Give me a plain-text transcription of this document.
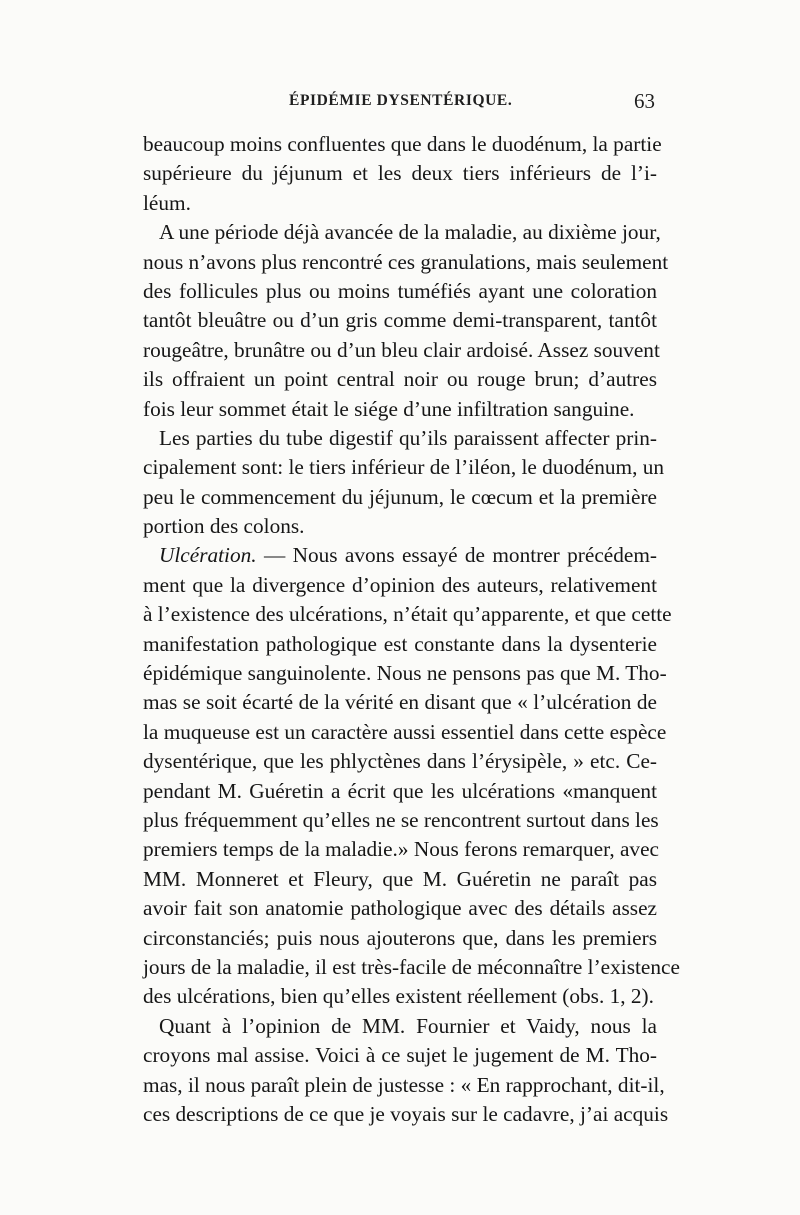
ÉPIDÉMIE DYSENTÉRIQUE.	63
beaucoup moins confluentes que dans le duodénum, la partie
supérieure du jéjunum et les deux tiers inférieurs de l’i-
léum.
A une période déjà avancée de la maladie, au dixième jour,
nous n’avons plus rencontré ces granulations, mais seulement
des follicules plus ou moins tuméfiés ayant une coloration
tantôt bleuâtre ou d’un gris comme demi-transparent, tantôt
rougeâtre, brunâtre ou d’un bleu clair ardoisé. Assez souvent
ils offraient un point central noir ou rouge brun; d’autres
fois leur sommet était le siége d’une infiltration sanguine.
Les parties du tube digestif qu’ils paraissent affecter prin-
cipalement sont: le tiers inférieur de l’iléon, le duodénum, un
peu le commencement du jéjunum, le cœcum et la première
portion des colons.
Ulcération. — Nous avons essayé de montrer précédem-
ment que la divergence d’opinion des auteurs, relativement
à l’existence des ulcérations, n’était qu’apparente, et que cette
manifestation pathologique est constante dans la dysenterie
épidémique sanguinolente. Nous ne pensons pas que M. Tho-
mas se soit écarté de la vérité en disant que « l’ulcération de
la muqueuse est un caractère aussi essentiel dans cette espèce
dysentérique, que les phlyctènes dans l’érysipèle, » etc. Ce-
pendant M. Guéretin a écrit que les ulcérations «manquent
plus fréquemment qu’elles ne se rencontrent surtout dans les
premiers temps de la maladie.» Nous ferons remarquer, avec
MM. Monneret et Fleury, que M. Guéretin ne paraît pas
avoir fait son anatomie pathologique avec des détails assez
circonstanciés; puis nous ajouterons que, dans les premiers
jours de la maladie, il est très-facile de méconnaître l’existence
des ulcérations, bien qu’elles existent réellement (obs. 1, 2).
Quant à l’opinion de MM. Fournier et Vaidy, nous la
croyons mal assise. Voici à ce sujet le jugement de M. Tho-
mas, il nous paraît plein de justesse : « En rapprochant, dit-il,
ces descriptions de ce que je voyais sur le cadavre, j’ai acquis
